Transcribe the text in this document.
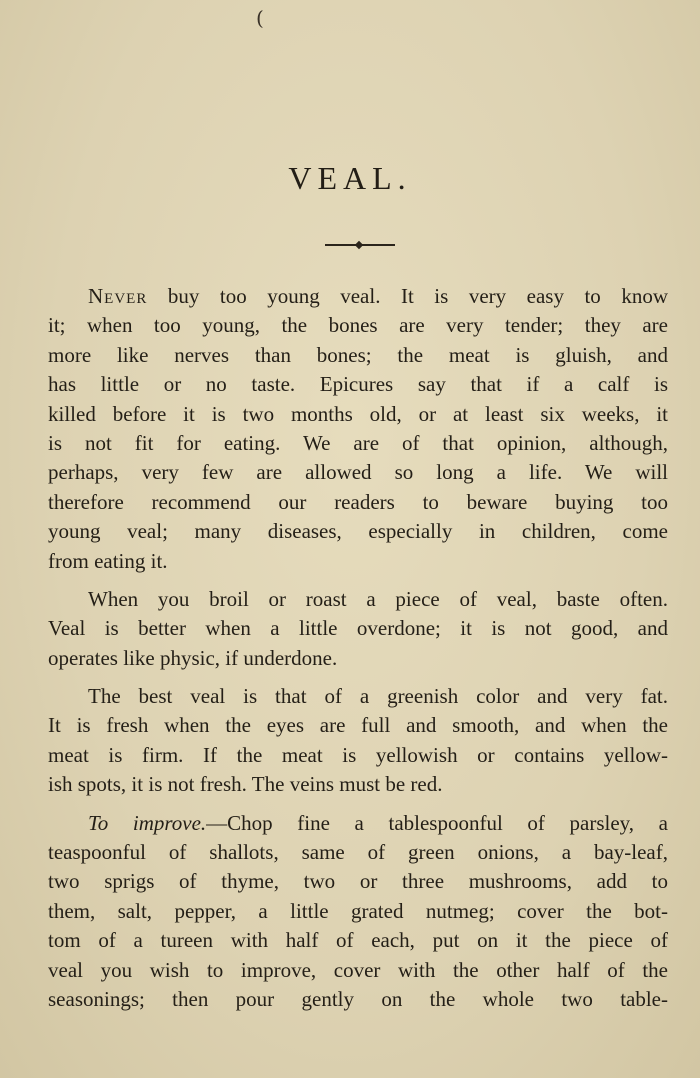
(
VEAL.
Never buy too young veal. It is very easy to know
it; when too young, the bones are very tender; they are
more like nerves than bones; the meat is gluish, and
has little or no taste. Epicures say that if a calf is
killed before it is two months old, or at least six weeks, it
is not fit for eating. We are of that opinion, although,
perhaps, very few are allowed so long a life. We will
therefore recommend our readers to beware buying too
young veal; many diseases, especially in children, come
from eating it.
When you broil or roast a piece of veal, baste often.
Veal is better when a little overdone; it is not good, and
operates like physic, if underdone.
The best veal is that of a greenish color and very fat.
It is fresh when the eyes are full and smooth, and when the
meat is firm. If the meat is yellowish or contains yellow-
ish spots, it is not fresh. The veins must be red.
To improve.—Chop fine a tablespoonful of parsley, a
teaspoonful of shallots, same of green onions, a bay-leaf,
two sprigs of thyme, two or three mushrooms, add to
them, salt, pepper, a little grated nutmeg; cover the bot-
tom of a tureen with half of each, put on it the piece of
veal you wish to improve, cover with the other half of the
seasonings; then pour gently on the whole two table-
